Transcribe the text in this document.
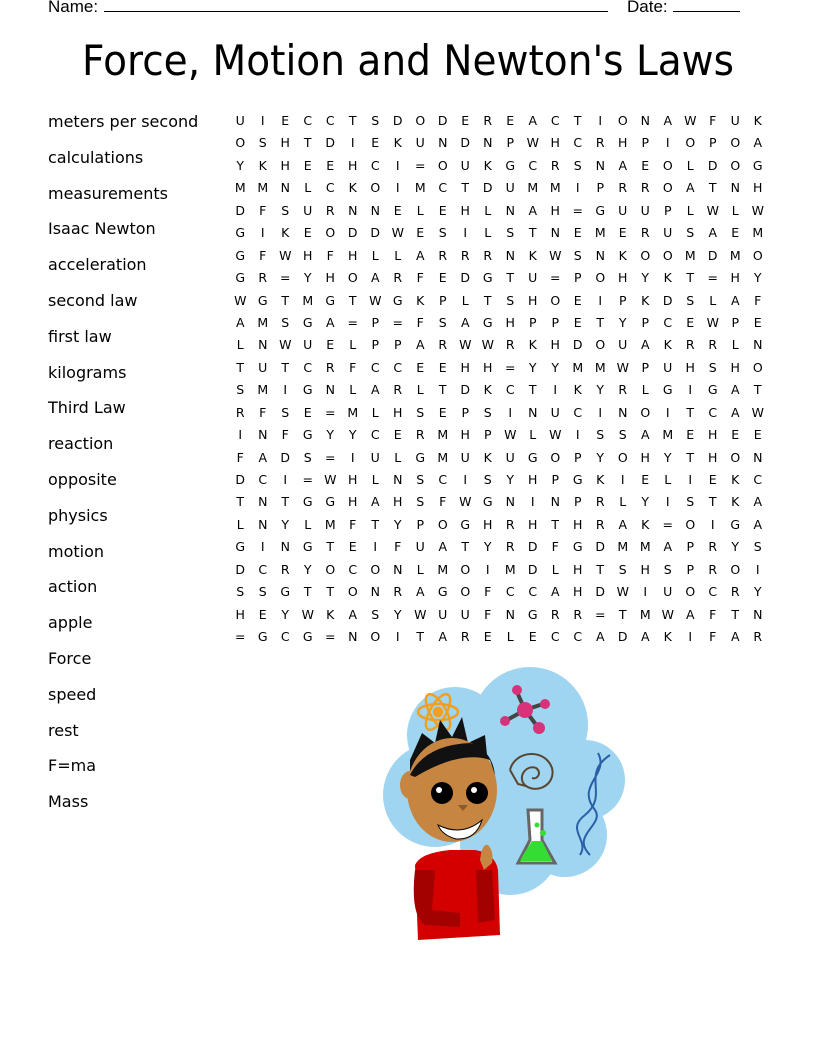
Name:	Date:
Force, Motion and Newton's Laws
meters per second
calculations
measurements
Isaac Newton
acceleration
second law
first law
kilograms
Third Law
reaction
opposite
physics
motion
action
apple
Force
speed
rest
F=ma
Mass
U	I	E	C	C	T	S	D	O	D	E	R	E	A	C	T	I	O	N	A W	F	U	K
O	S	H	T	D	I	E	K	U	N	D	N	P	W H	C	R	H	P	I	O	P	O	A
Y	K	H	E	E	H	C	I	= O	U	K	G	C	R	S	N	A	E	O	L	D	O	G
M M N	L	C	K	O	I	M	C	T	D	U	M M	I	P	R	R	O	A	T	N	H
D	F	S	U	R	N	N	E	L	E	H	L	N	A	H	= G	U	U	P	L	W	L	W
G	I	K	E	O	D	D W E	S	I	L	S	T	N	E	M	E	R	U	S	A	E	M
G	F	W H	F	H	L	L	A	R	R	R	N	K W S	N	K	O	O M D M O
G	R	=	Y	H	O	A	R	F	E	D	G	T	U	=	P	O	H	Y	K	T	=	H	Y
W G	T	M G	T	W G	K	P	L	T	S	H	O	E	I	P	K	D	S	L	A	F
A	M	S	G	A	=	P	=	F	S	A	G	H	P	P	E	T	Y	P	C	E W	P	E
L	N W U	E	L	P	P	A	R W W R	K	H	D	O	U	A	K	R	R	L	N
T	U	T	C	R	F	C	C	E	E	H	H	=	Y	Y	M M W	P	U	H	S	H	O
S	M	I	G	N	L	A	R	L	T	D	K	C	T	I	K	Y	R	L	G	I	G	A	T
R	F	S	E	= M	L	H	S	E	P	S	I	N	U	C	I	N	O	I	T	C	A W
I	N	F	G	Y	Y	C	E	R	M H	P	W	L	W	I	S	S	A	M	E	H	E	E
F	A	D	S	=	I	U	L	G M	U	K	U	G	O	P	Y	O	H	Y	T	H	O	N
D	C	I	= W H	L	N	S	C	I	S	Y	H	P	G	K	I	E	L	I	E	K	C
T	N	T	G	G	H	A	H	S	F	W G	N	I	N	P	R	L	Y	I	S	T	K	A
L	N	Y	L	M	F	T	Y	P	O	G	H	R	H	T	H	R	A	K	= O	I	G	A
G	I	N	G	T	E	I	F	U	A	T	Y	R	D	F	G	D M M	A	P	R	Y	S
D	C	R	Y	O	C	O	N	L	M O	I	M D	L	H	T	S	H	S	P	R	O	I
S	S	G	T	T	O	N	R	A	G	O	F	C	C	A	H	D W	I	U	O	C	R	Y
H	E	Y	W K	A	S	Y	W U	U	F	N	G	R	R	=	T	M W A	F	T	N
= G	C	G =	N	O	I	T	A	R	E	L	E	C	C	A	D	A	K	I	F	A	R
